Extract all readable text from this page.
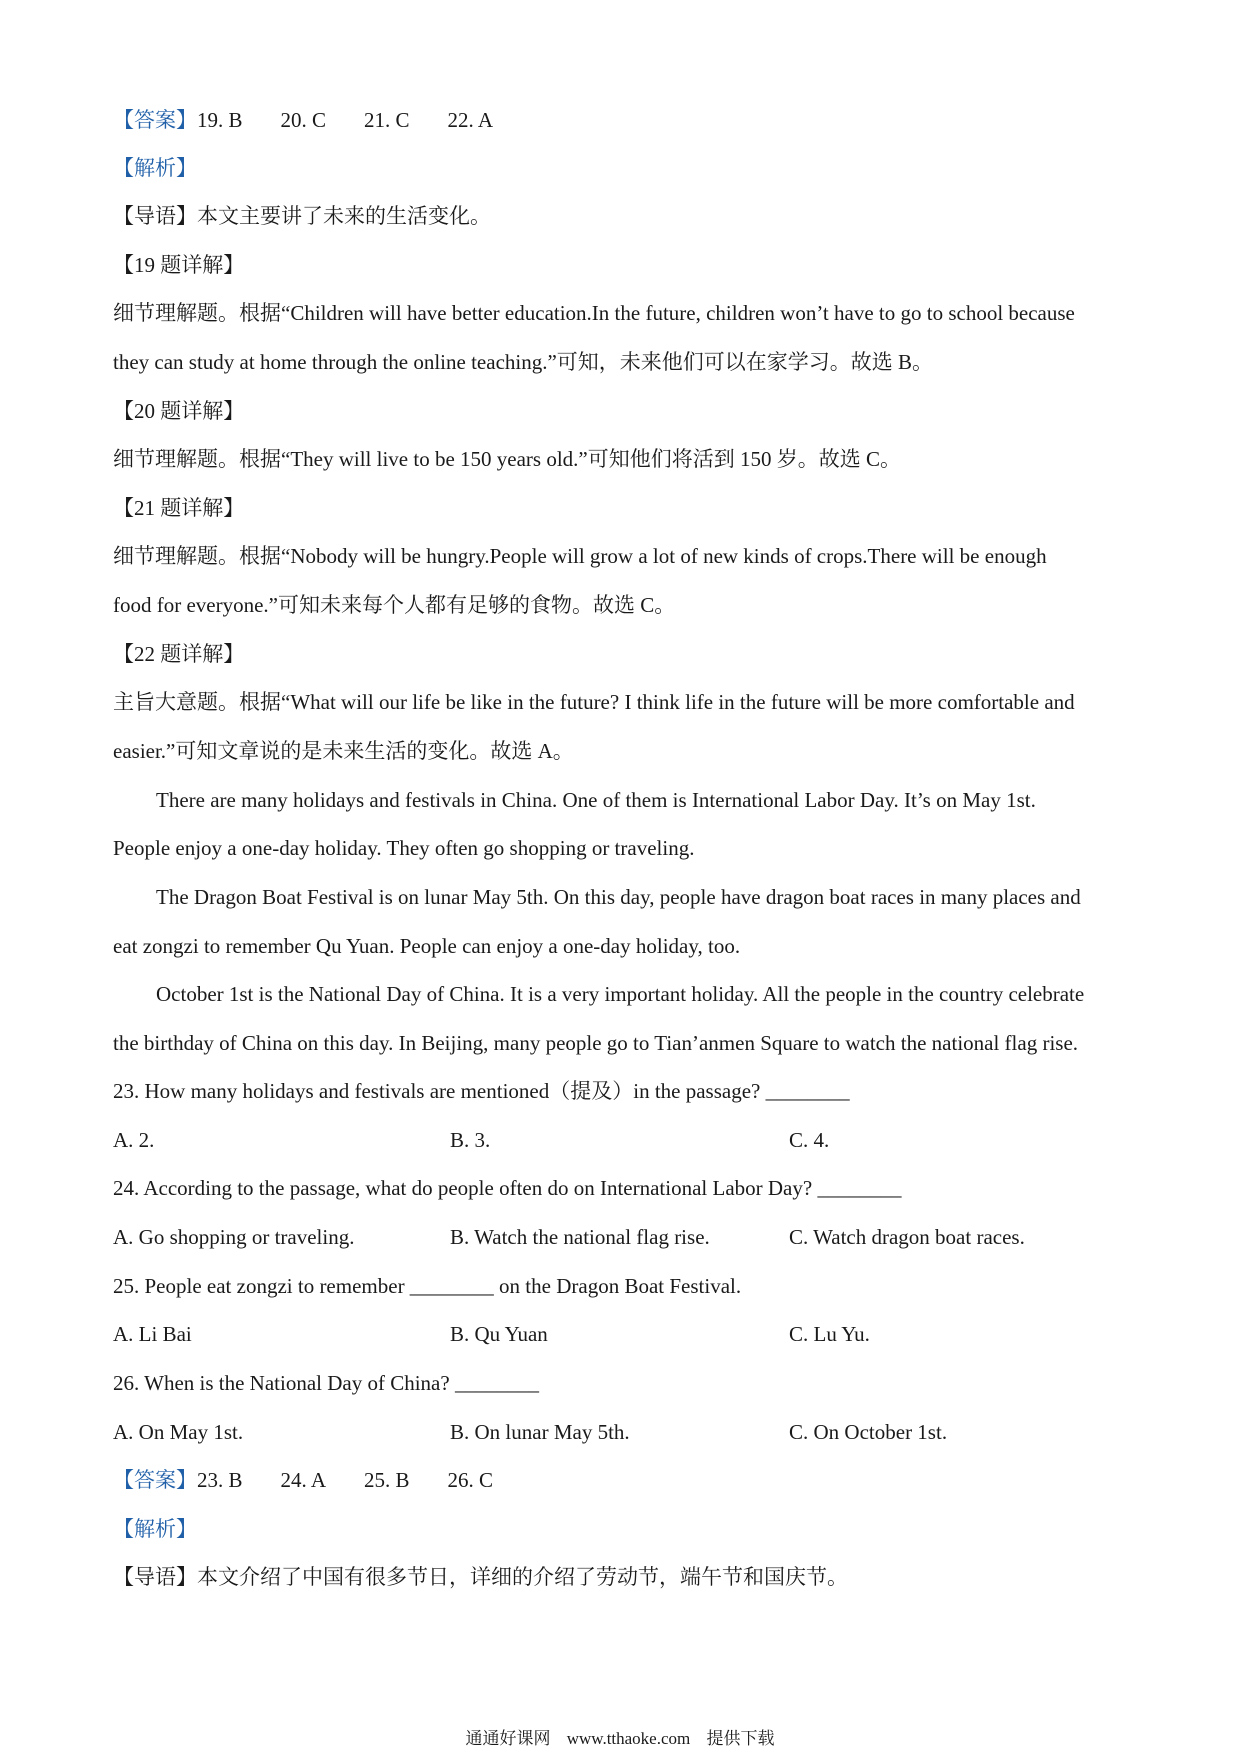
【答案】19. B 20. C 21. C 22. A
【解析】
【导语】本文主要讲了未来的生活变化。
【19 题详解】
细节理解题。根据“Children will have better education.In the future, children won’t have to go to school because
they can study at home through the online teaching.”可知，未来他们可以在家学习。故选 B。
【20 题详解】
细节理解题。根据“They will live to be 150 years old.”可知他们将活到 150 岁。故选 C。
【21 题详解】
细节理解题。根据“Nobody will be hungry.People will grow a lot of new kinds of crops.There will be enough
food for everyone.”可知未来每个人都有足够的食物。故选 C。
【22 题详解】
主旨大意题。根据“What will our life be like in the future? I think life in the future will be more comfortable and
easier.”可知文章说的是未来生活的变化。故选 A。
There are many holidays and festivals in China. One of them is International Labor Day. It’s on May 1st.
People enjoy a one-day holiday. They often go shopping or traveling.
The Dragon Boat Festival is on lunar May 5th. On this day, people have dragon boat races in many places and
eat zongzi to remember Qu Yuan. People can enjoy a one-day holiday, too.
October 1st is the National Day of China. It is a very important holiday. All the people in the country celebrate
the birthday of China on this day. In Beijing, many people go to Tian’anmen Square to watch the national flag rise.
23. How many holidays and festivals are mentioned（提及）in the passage? ________
A. 2.	B. 3.	C. 4.
24. According to the passage, what do people often do on International Labor Day? ________
A. Go shopping or traveling.	B. Watch the national flag rise.	C. Watch dragon boat races.
25. People eat zongzi to remember ________ on the Dragon Boat Festival.
A. Li Bai	B. Qu Yuan	C. Lu Yu.
26. When is the National Day of China? ________
A. On May 1st.	B. On lunar May 5th.	C. On October 1st.
【答案】23. B 24. A 25. B 26. C
【解析】
【导语】本文介绍了中国有很多节日，详细的介绍了劳动节，端午节和国庆节。
通通好课网 www.tthaoke.com 提供下载
